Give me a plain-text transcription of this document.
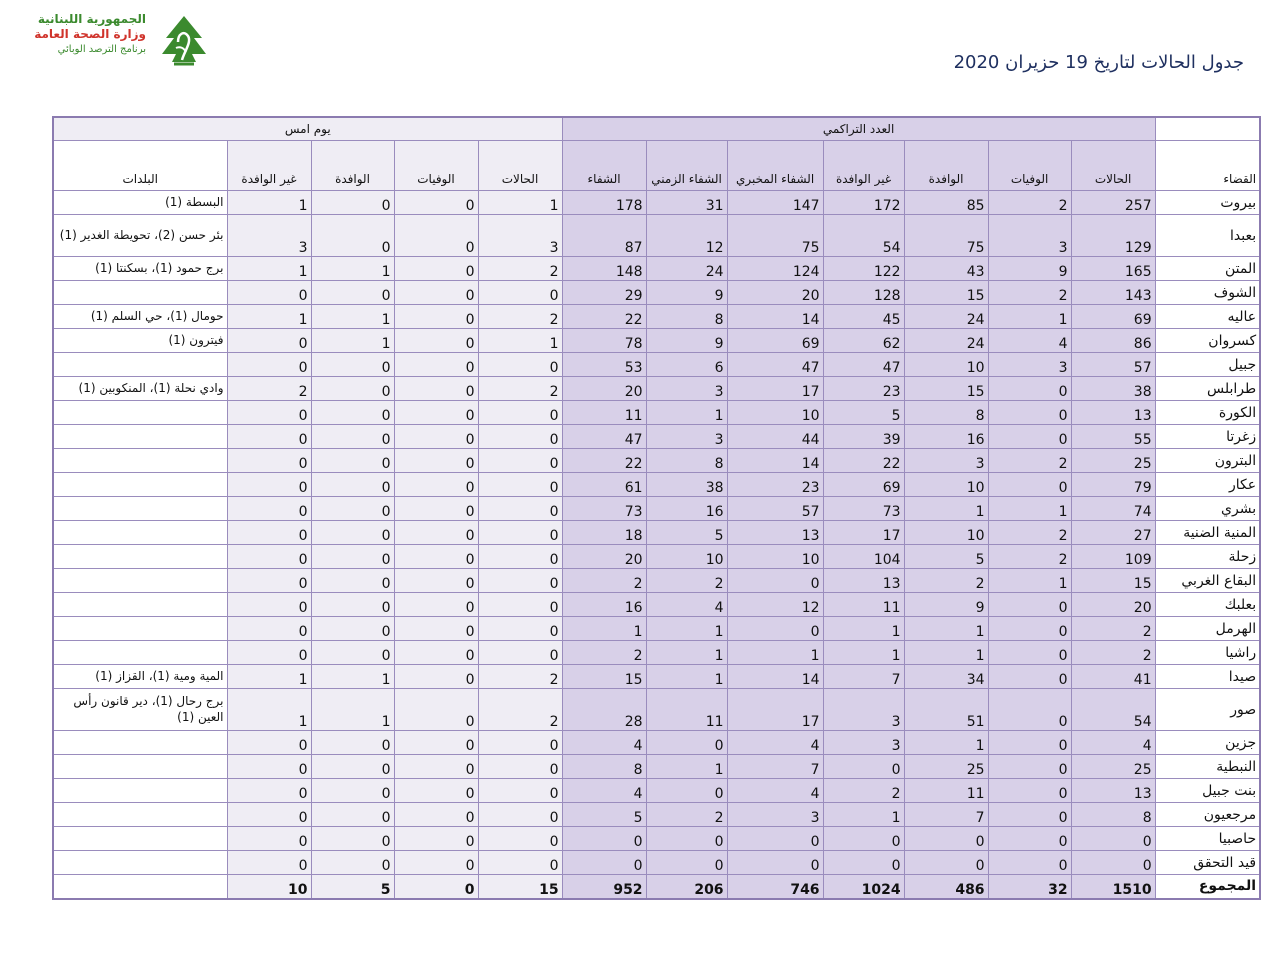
الجمهورية اللبنانية
وزارة الصحة العامة
برنامج الترصد الوبائي
جدول الحالات لتاريخ 19 حزيران 2020
يوم امس					العدد التراكمي							
البلدات	غير الوافدة	الوافدة	الوفيات	الحالات	الشفاء	الشفاء الزمني	الشفاء المخبري	غير الوافدة	الوافدة	الوفيات	الحالات	القضاء
البسطة (1)	1	0	0	1	178	31	147	172	85	2	257	بيروت
بئر حسن (2)، تحويطة الغدير (1)	3	0	0	3	87	12	75	54	75	3	129	بعبدا
برج حمود (1)، بسكنتا (1)	1	1	0	2	148	24	124	122	43	9	165	المتن
	0	0	0	0	29	9	20	128	15	2	143	الشوف
حومال (1)، حي السلم (1)	1	1	0	2	22	8	14	45	24	1	69	عاليه
فيترون (1)	0	1	0	1	78	9	69	62	24	4	86	كسروان
	0	0	0	0	53	6	47	47	10	3	57	جبيل
وادي نحلة (1)، المنكوبين (1)	2	0	0	2	20	3	17	23	15	0	38	طرابلس
	0	0	0	0	11	1	10	5	8	0	13	الكورة
	0	0	0	0	47	3	44	39	16	0	55	زغرتا
	0	0	0	0	22	8	14	22	3	2	25	البترون
	0	0	0	0	61	38	23	69	10	0	79	عكار
	0	0	0	0	73	16	57	73	1	1	74	بشري
	0	0	0	0	18	5	13	17	10	2	27	المنية الضنية
	0	0	0	0	20	10	10	104	5	2	109	زحلة
	0	0	0	0	2	2	0	13	2	1	15	البقاع الغربي
	0	0	0	0	16	4	12	11	9	0	20	بعلبك
	0	0	0	0	1	1	0	1	1	0	2	الهرمل
	0	0	0	0	2	1	1	1	1	0	2	راشيا
المية ومية (1)، القزاز (1)	1	1	0	2	15	1	14	7	34	0	41	صيدا
برج رحال (1)، دير قانون رأس العين (1)	1	1	0	2	28	11	17	3	51	0	54	صور
	0	0	0	0	4	0	4	3	1	0	4	جزين
	0	0	0	0	8	1	7	0	25	0	25	النبطية
	0	0	0	0	4	0	4	2	11	0	13	بنت جبيل
	0	0	0	0	5	2	3	1	7	0	8	مرجعيون
	0	0	0	0	0	0	0	0	0	0	0	حاصبيا
	0	0	0	0	0	0	0	0	0	0	0	قيد التحقق
	10	5	0	15	952	206	746	1024	486	32	1510	المجموع
